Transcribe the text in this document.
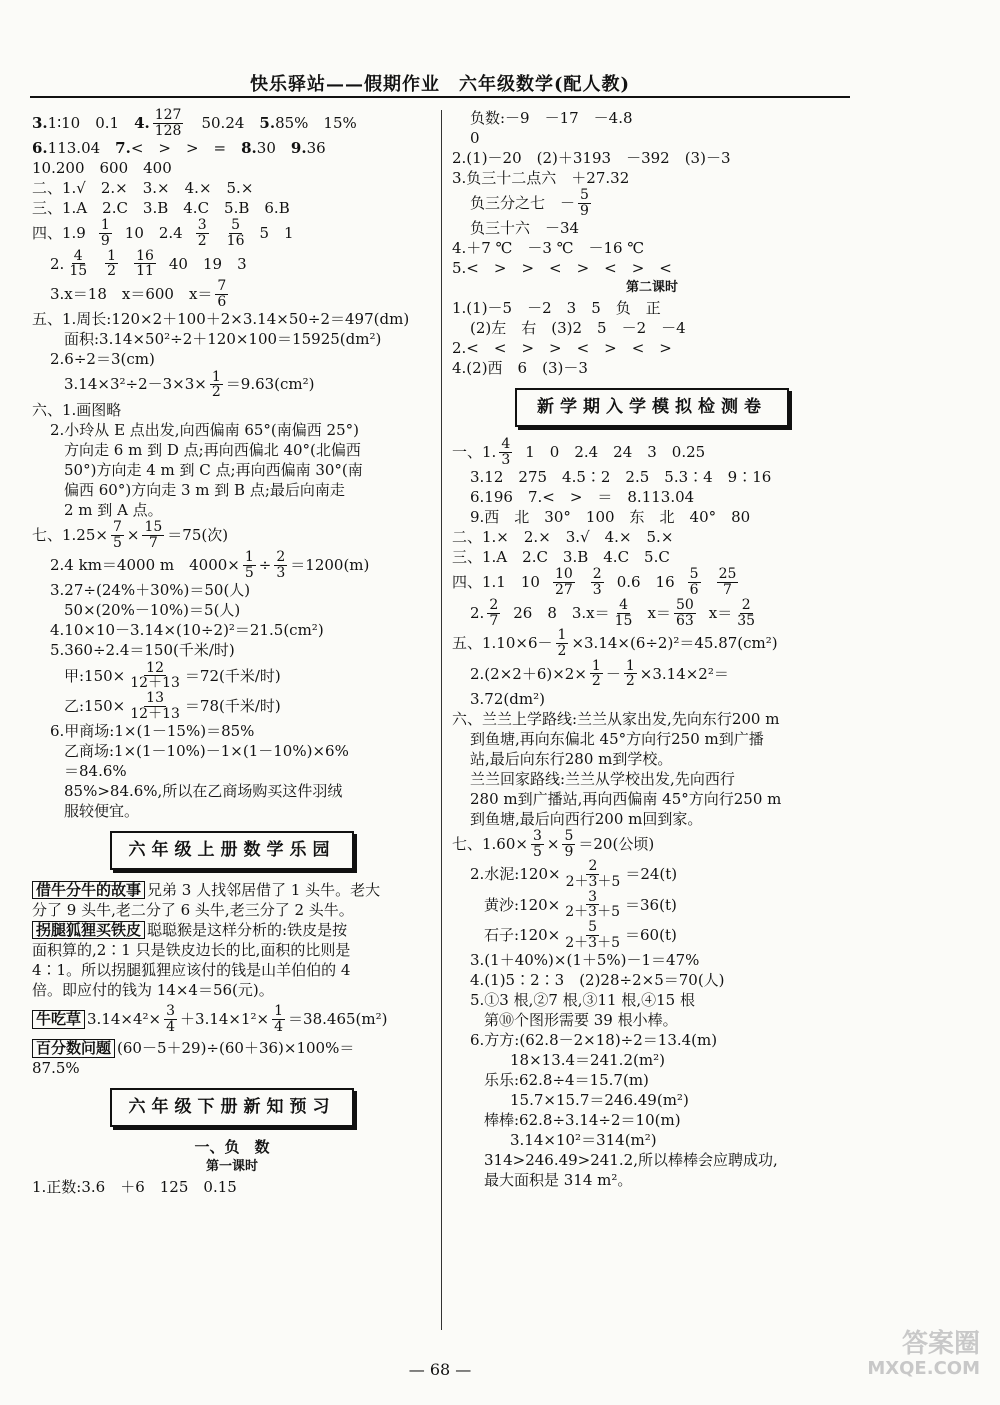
快乐驿站——假期作业　六年级数学(配人教)
3. 1∶10　0.1　 4. $\frac{127}{128}$ 　50.24　 5. 85%　15%
6. 113.04　 7. <　>　>　=　 8. 30　 9. 36
10.200　600　400
二、1.√　2.×　3.×　4.×　5.×
三、1.A　2.C　3.B　4.C　5.B　6.B
四、$1.9 \frac{1}{9} 10$　$2.4 \frac{3}{2} \frac{5}{16} 5$　1
2. $\frac{4}{15} \frac{1}{2} \frac{16}{11} 40$　19　3
3.x＝18　x＝600　$x= \frac{7}{6}$
五、1.周长:120×2＋100＋2×3.14×50÷2＝497(dm)
面积:3.14×50²÷2＋120×100＝15925(dm²)
2.6÷2＝3(cm)
$3.14\times 3^2\div 2-3\times 3\times \frac{1}{2} =9.63(cm^2)$
六、1.画图略
2.小玲从 E 点出发,向西偏南 65°(南偏西 25°)
方向走 6 m 到 D 点;再向西偏北 40°(北偏西
50°)方向走 4 m 到 C 点;再向西偏南 30°(南
偏西 60°)方向走 3 m 到 B 点;最后向南走
2 m 到 A 点。
七、$1.25\times \frac{7}{5} \times \frac{15}{7} =75$(次)
2.4 km＝4000 m　$4000\times \frac{1}{5} \div \frac{2}{3} =1200(m)$
3.27÷(24%＋30%)＝50(人)
50×(20%－10%)＝5(人)
4.10×10－3.14×(10÷2)²＝21.5(cm²)
5.360÷2.4＝150(千米/时)
甲:150× $\frac{12}{12+13} =72$(千米/时)
乙:150× $\frac{13}{12+13} =78$(千米/时)
6.甲商场:1×(1－15%)＝85%
乙商场:1×(1－10%)－1×(1－10%)×6%
＝84.6%
85%>84.6%,所以在乙商场购买这件羽绒
服较便宜。
六年级上册数学乐园
借牛分牛的故事 兄弟 3 人找邻居借了 1 头牛。老大
分了 9 头牛,老二分了 6 头牛,老三分了 2 头牛。
拐腿狐狸买铁皮 聪聪猴是这样分析的:铁皮是按
面积算的,2∶1 只是铁皮边长的比,面积的比则是
4∶1。所以拐腿狐狸应该付的钱是山羊伯伯的 4
倍。即应付的钱为 14×4＝56(元)。
牛吃草 $3.14\times 4^2\times \frac{3}{4} +3.14\times 1^2\times \frac{1}{4} =38.465(m^2)$
百分数问题 (60－5＋29)÷(60＋36)×100%＝
87.5%
六年级下册新知预习
一、负　数
第一课时
1.正数:3.6　＋6　125　0.15
负数:－9　－17　－4.8
0
2.(1)－20　(2)＋3193　－392　(3)－3
3.负三十二点六　＋27.32
负三分之七　－ $\frac{5}{9}$
负三十六　－34
4.＋7 ℃　－3 ℃　－16 ℃
5.<　>　>　<　>　<　>　<
第二课时
1.(1)－5　－2　3　5　负　正
(2)左　右　(3)2　5　－2　－4
2.<　<　>　>　<　>　<　>
4.(2)西　6　(3)－3
新学期入学模拟检测卷
一、1. $\frac{4}{3} 1$　0　2.4　24　3　0.25
3.12　275　4.5∶2　2.5　5.3∶4　9∶16
6.196　7.<　>　＝　8.113.04
9.西　北　30°　100　东　北　40°　80
二、1.×　2.×　3.√　4.×　5.×
三、1.A　2.C　3.B　4.C　5.C
四、1.1　$10 \frac{10}{27} \frac{2}{3} 0.6$　$16 \frac{5}{6} \frac{25}{7}$
2. $\frac{2}{7} 26$　8　$3.x= \frac{4}{15} x= \frac{50}{63} x= \frac{2}{35}$
五、$1.10\times 6- \frac{1}{2} \times 3.14\times(6\div 2)^2=45.87(cm^2)$
$2.(2\times 2+6)\times 2\times \frac{1}{2} - \frac{1}{2} \times 3.14\times 2^2=$
3.72(dm²)
六、兰兰上学路线:兰兰从家出发,先向东行200 m
到鱼塘,再向东偏北 45°方向行250 m到广播
站,最后向东行280 m到学校。
兰兰回家路线:兰兰从学校出发,先向西行
280 m到广播站,再向西偏南 45°方向行250 m
到鱼塘,最后向西行200 m回到家。
七、$1.60\times \frac{3}{5} \times \frac{5}{9} =20$(公顷)
2.水泥:120× $\frac{2}{2+3+5} =24(t)$
黄沙:120× $\frac{3}{2+3+5} =36(t)$
石子:120× $\frac{5}{2+3+5} =60(t)$
3.(1＋40%)×(1＋5%)－1＝47%
4.(1)5∶2∶3　(2)28÷2×5＝70(人)
5.①3 根,②7 根,③11 根,④15 根
第⑩个图形需要 39 根小棒。
6.方方:(62.8－2×18)÷2＝13.4(m)
18×13.4＝241.2(m²)
乐乐:62.8÷4＝15.7(m)
15.7×15.7＝246.49(m²)
棒棒:62.8÷3.14÷2＝10(m)
3.14×10²＝314(m²)
314>246.49>241.2,所以棒棒会应聘成功,
最大面积是 314 m²。
— 68 —
答案圈
MXQE.COM
